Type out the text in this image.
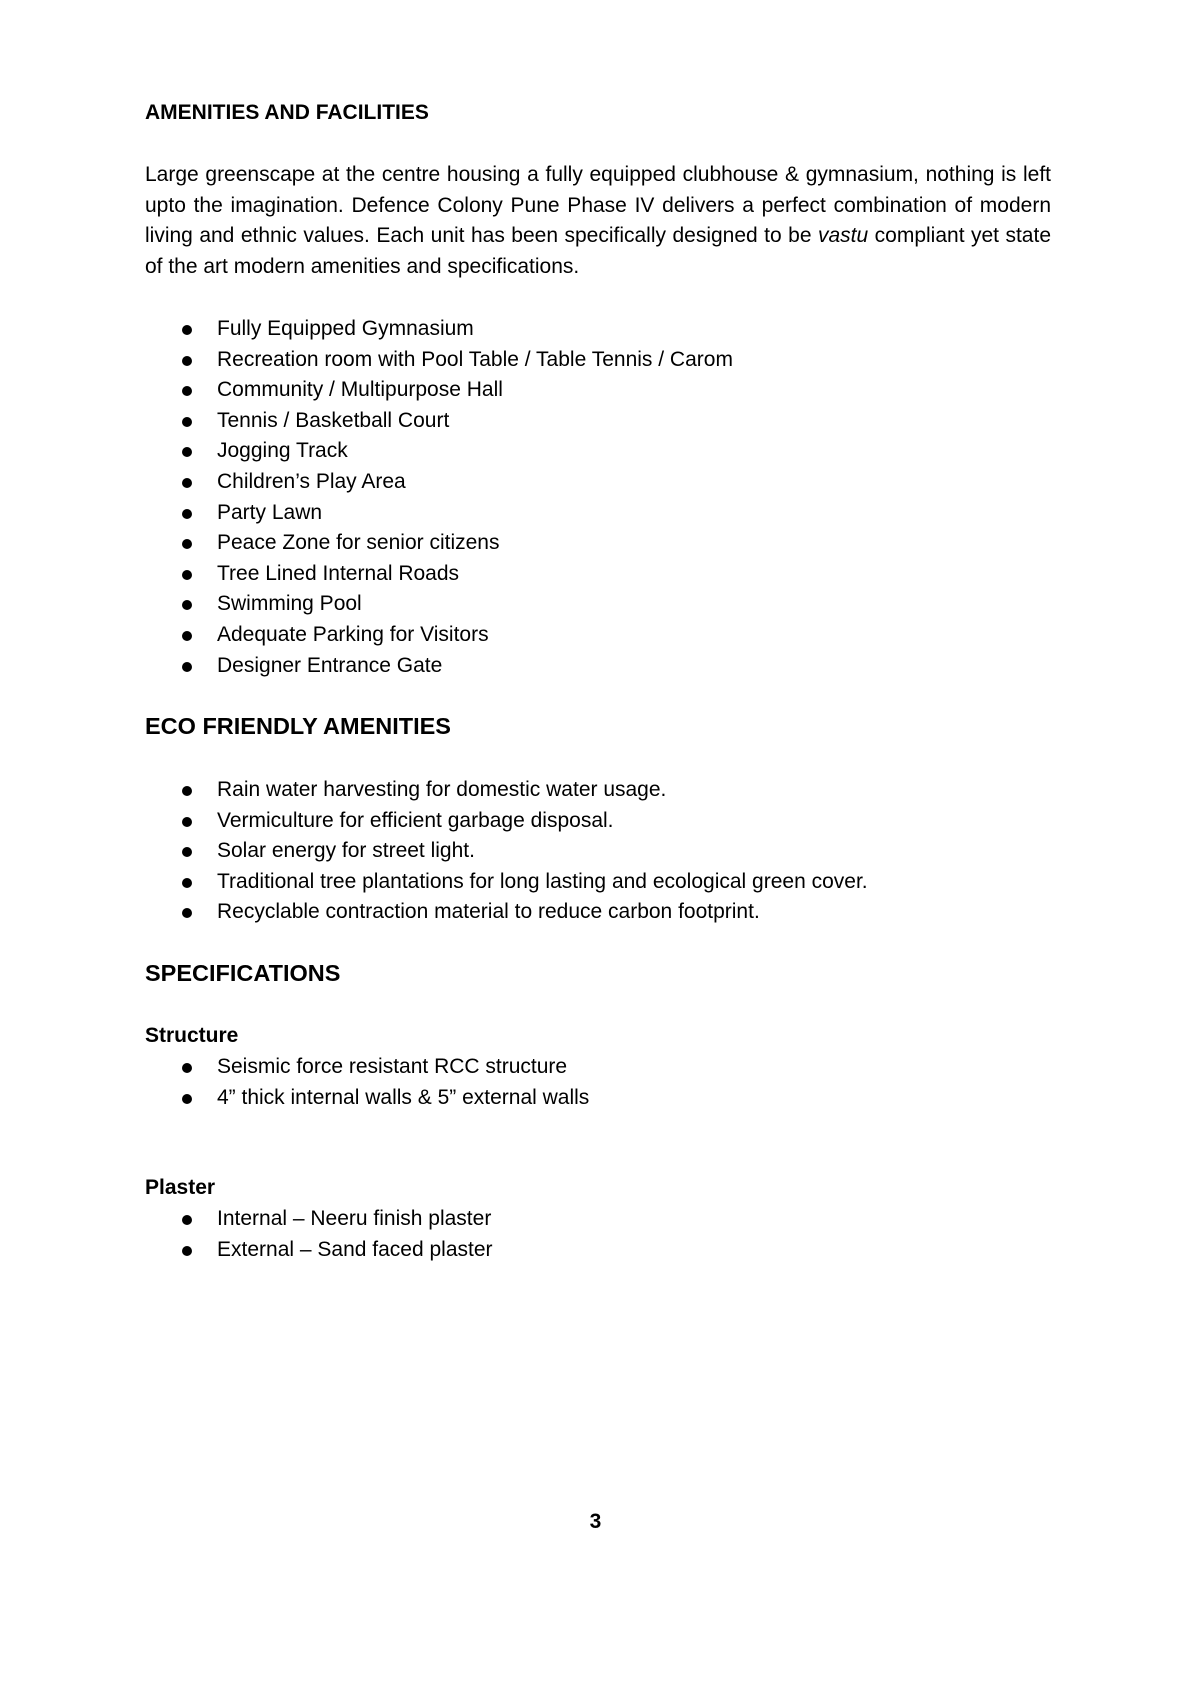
AMENITIES AND FACILITIES

Large greenscape at the centre housing a fully equipped clubhouse & gymnasium, nothing is left upto the imagination. Defence Colony Pune Phase IV delivers a perfect combination of modern living and ethnic values. Each unit has been specifically designed to be vastu compliant yet state of the art modern amenities and specifications.

Fully Equipped Gymnasium
Recreation room with Pool Table / Table Tennis / Carom
Community / Multipurpose Hall
Tennis / Basketball Court
Jogging Track
Children’s Play Area
Party Lawn
Peace Zone for senior citizens
Tree Lined Internal Roads
Swimming Pool
Adequate Parking for Visitors
Designer Entrance Gate
ECO FRIENDLY AMENITIES
Rain water harvesting for domestic water usage.
Vermiculture for efficient garbage disposal.
Solar energy for street light.
Traditional tree plantations for long lasting and ecological green cover.
Recyclable contraction material to reduce carbon footprint.
SPECIFICATIONS
Structure
Seismic force resistant RCC structure
4” thick internal walls & 5” external walls
Plaster
Internal – Neeru finish plaster
External – Sand faced plaster
3
